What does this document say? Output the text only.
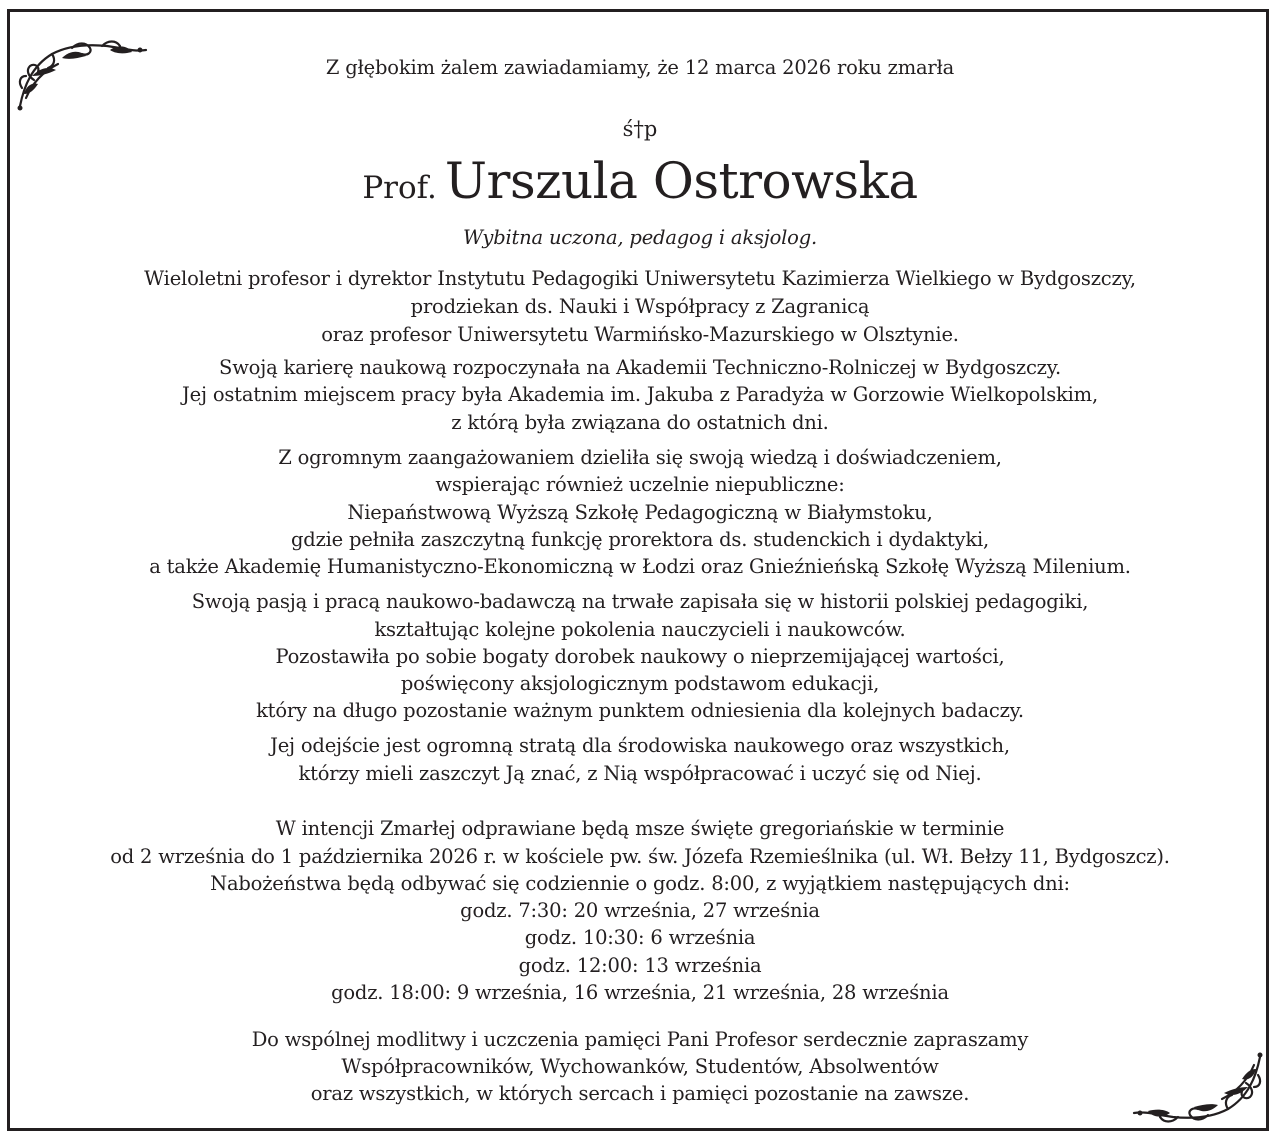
Z głębokim żalem zawiadamiamy, że 12 marca 2026 roku zmarła
ś†p
Prof. Urszula Ostrowska
Wybitna uczona, pedagog i aksjolog.
Wieloletni profesor i dyrektor Instytutu Pedagogiki Uniwersytetu Kazimierza Wielkiego w Bydgoszczy,
prodziekan ds. Nauki i Współpracy z Zagranicą
oraz profesor Uniwersytetu Warmińsko-Mazurskiego w Olsztynie.
Swoją karierę naukową rozpoczynała na Akademii Techniczno-Rolniczej w Bydgoszczy.
Jej ostatnim miejscem pracy była Akademia im. Jakuba z Paradyża w Gorzowie Wielkopolskim,
z którą była związana do ostatnich dni.
Z ogromnym zaangażowaniem dzieliła się swoją wiedzą i doświadczeniem,
wspierając również uczelnie niepubliczne:
Niepaństwową Wyższą Szkołę Pedagogiczną w Białymstoku,
gdzie pełniła zaszczytną funkcję prorektora ds. studenckich i dydaktyki,
a także Akademię Humanistyczno-Ekonomiczną w Łodzi oraz Gnieźnieńską Szkołę Wyższą Milenium.
Swoją pasją i pracą naukowo-badawczą na trwałe zapisała się w historii polskiej pedagogiki,
kształtując kolejne pokolenia nauczycieli i naukowców.
Pozostawiła po sobie bogaty dorobek naukowy o nieprzemijającej wartości,
poświęcony aksjologicznym podstawom edukacji,
który na długo pozostanie ważnym punktem odniesienia dla kolejnych badaczy.
Jej odejście jest ogromną stratą dla środowiska naukowego oraz wszystkich,
którzy mieli zaszczyt Ją znać, z Nią współpracować i uczyć się od Niej.
W intencji Zmarłej odprawiane będą msze święte gregoriańskie w terminie
od 2 września do 1 października 2026 r. w kościele pw. św. Józefa Rzemieślnika (ul. Wł. Bełzy 11, Bydgoszcz).
Nabożeństwa będą odbywać się codziennie o godz. 8:00, z wyjątkiem następujących dni:
godz. 7:30: 20 września, 27 września
godz. 10:30: 6 września
godz. 12:00: 13 września
godz. 18:00: 9 września, 16 września, 21 września, 28 września
Do wspólnej modlitwy i uczczenia pamięci Pani Profesor serdecznie zapraszamy
Współpracowników, Wychowanków, Studentów, Absolwentów
oraz wszystkich, w których sercach i pamięci pozostanie na zawsze.
